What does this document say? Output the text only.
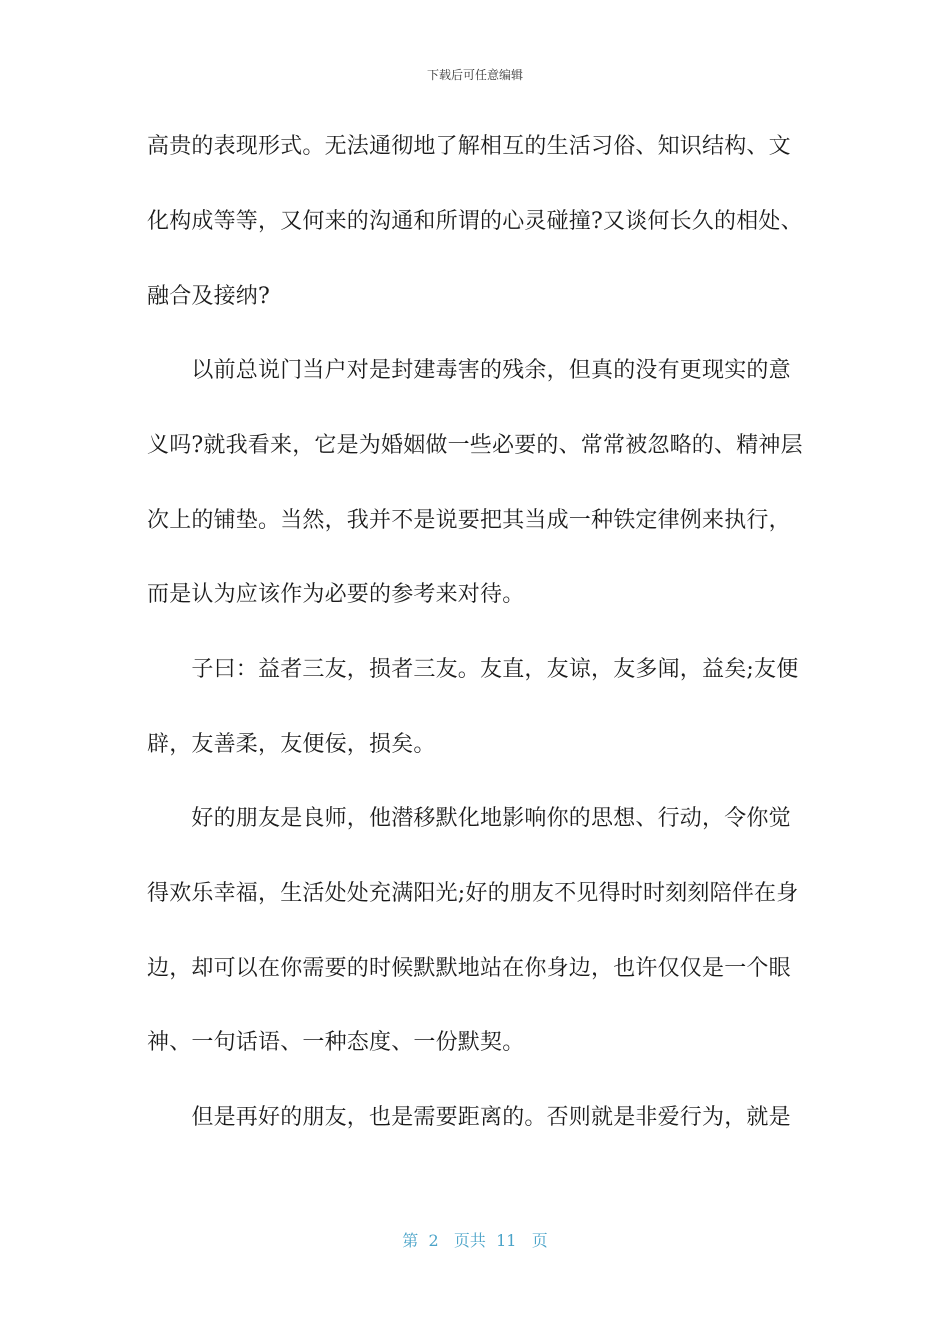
下载后可任意编辑
高贵的表现形式。无法通彻地了解相互的生活习俗、知识结构、文
化构成等等，又何来的沟通和所谓的心灵碰撞?又谈何长久的相处、
融合及接纳?
　　以前总说门当户对是封建毒害的残余，但真的没有更现实的意
义吗?就我看来，它是为婚姻做一些必要的、常常被忽略的、精神层
次上的铺垫。当然，我并不是说要把其当成一种铁定律例来执行，
而是认为应该作为必要的参考来对待。
　　子曰：益者三友，损者三友。友直，友谅，友多闻，益矣;友便
辟，友善柔，友便佞，损矣。
　　好的朋友是良师，他潜移默化地影响你的思想、行动，令你觉
得欢乐幸福，生活处处充满阳光;好的朋友不见得时时刻刻陪伴在身
边，却可以在你需要的时候默默地站在你身边，也许仅仅是一个眼
神、一句话语、一种态度、一份默契。
　　但是再好的朋友，也是需要距离的。否则就是非爱行为，就是
第  2   页共  11   页
